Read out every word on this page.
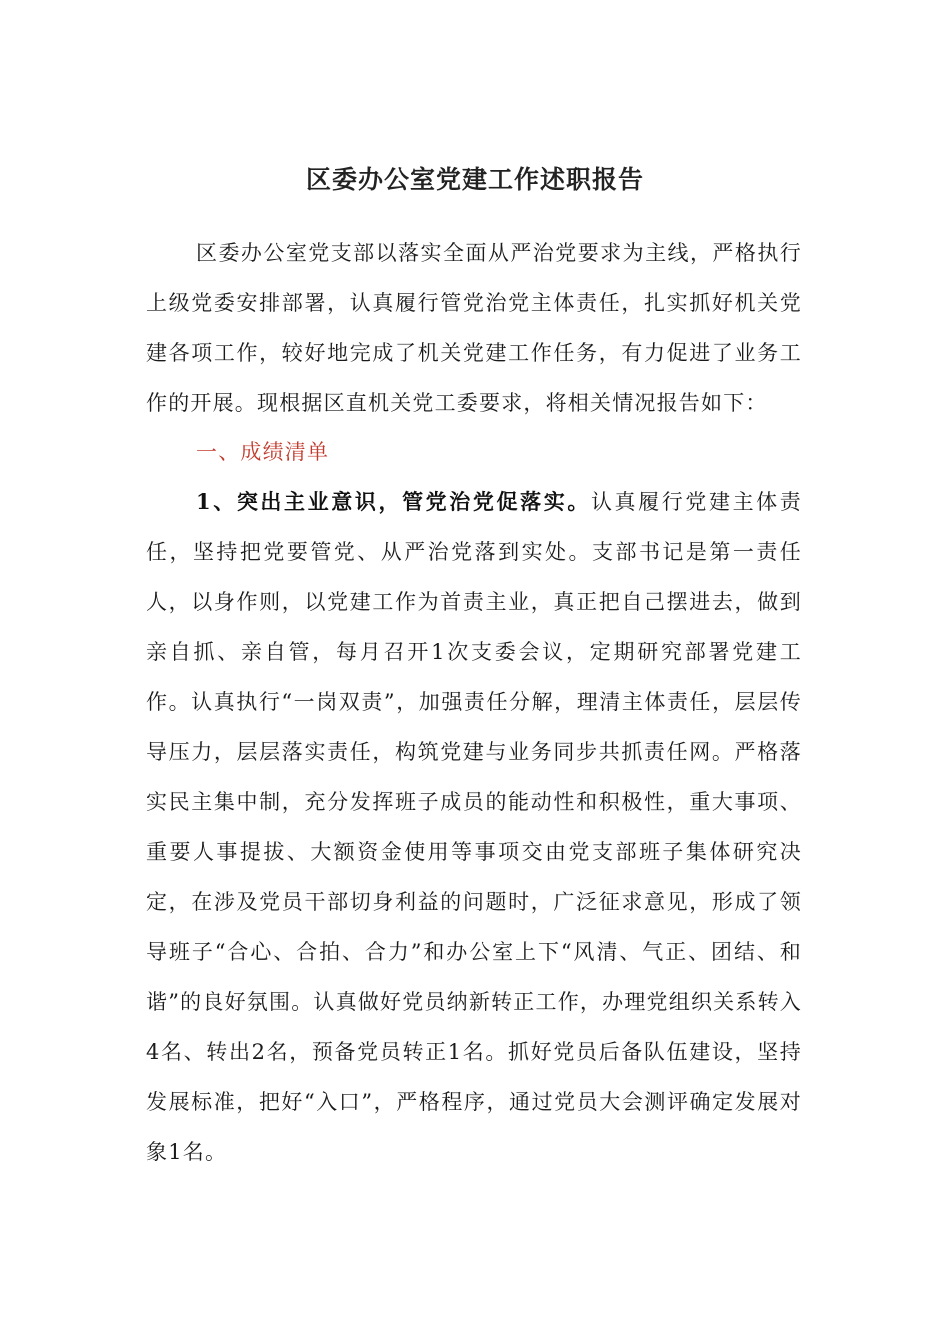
区委办公室党建工作述职报告
区委办公室党支部以落实全面从严治党要求为主线，严格执行上级党委安排部署，认真履行管党治党主体责任，扎实抓好机关党建各项工作，较好地完成了机关党建工作任务，有力促进了业务工作的开展。现根据区直机关党工委要求，将相关情况报告如下：
一、成绩清单
1、突出主业意识，管党治党促落实。认真履行党建主体责任，坚持把党要管党、从严治党落到实处。支部书记是第一责任人，以身作则，以党建工作为首责主业，真正把自己摆进去，做到亲自抓、亲自管，每月召开1次支委会议，定期研究部署党建工作。认真执行“一岗双责”，加强责任分解，理清主体责任，层层传导压力，层层落实责任，构筑党建与业务同步共抓责任网。严格落实民主集中制，充分发挥班子成员的能动性和积极性，重大事项、重要人事提拔、大额资金使用等事项交由党支部班子集体研究决定，在涉及党员干部切身利益的问题时，广泛征求意见，形成了领导班子“合心、合拍、合力”和办公室上下“风清、气正、团结、和谐”的良好氛围。认真做好党员纳新转正工作，办理党组织关系转入4名、转出2名，预备党员转正1名。抓好党员后备队伍建设，坚持发展标准，把好“入口”，严格程序，通过党员大会测评确定发展对象1名。
